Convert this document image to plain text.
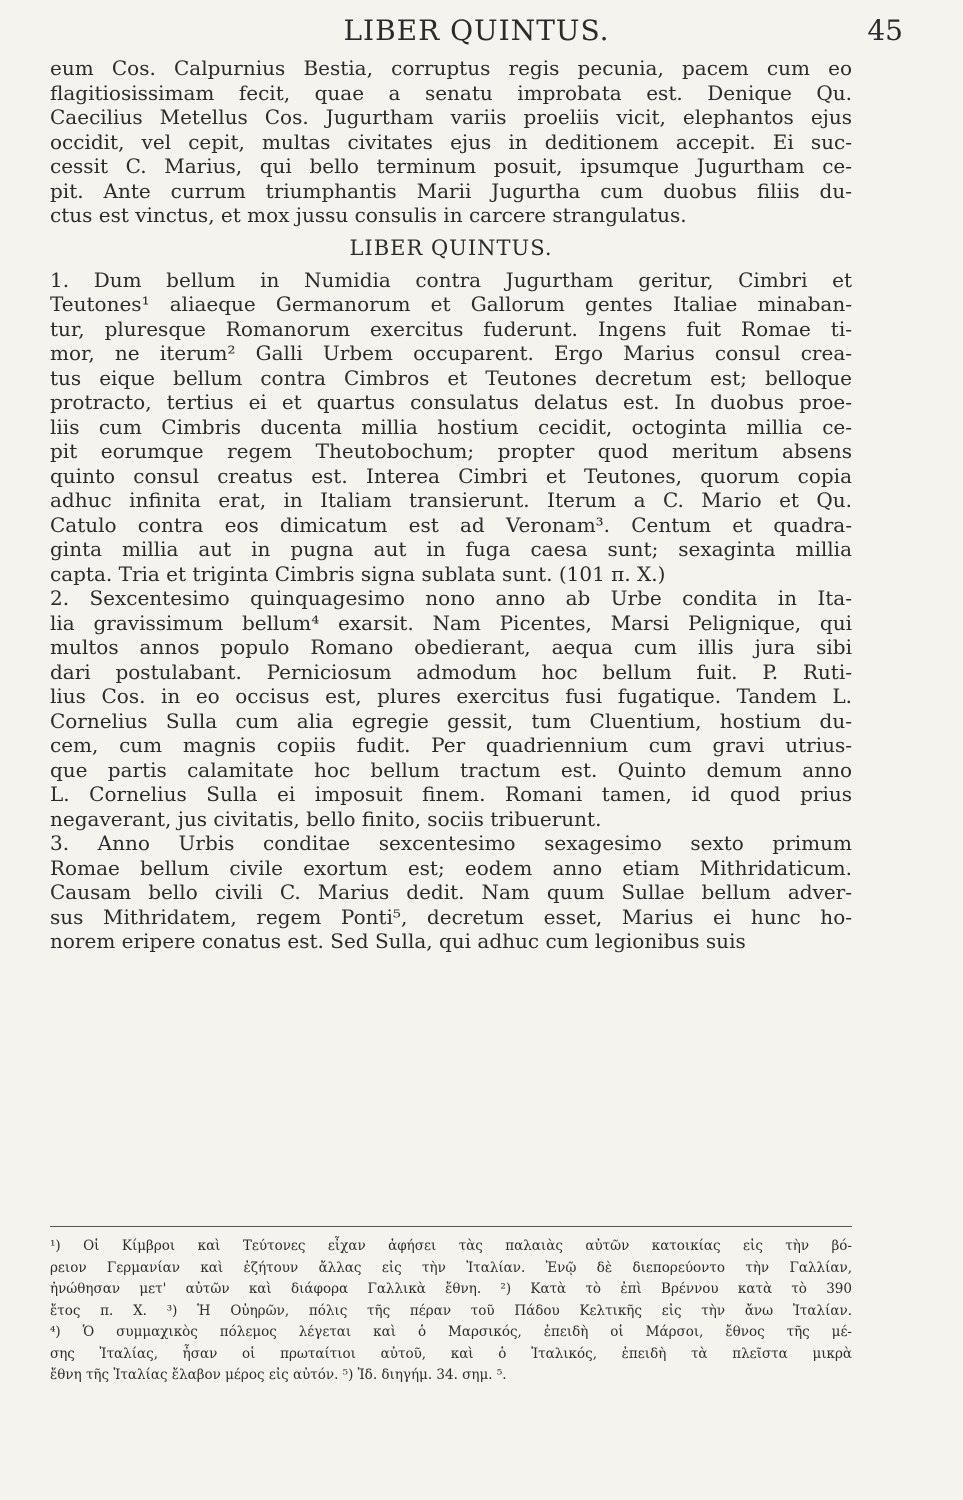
LIBER QUINTUS.	45
eum Cos. Calpurnius Bestia, corruptus regis pecunia, pacem cum eo
flagitiosissimam fecit, quae a senatu improbata est. Denique Qu.
Caecilius Metellus Cos. Jugurtham variis proeliis vicit, elephantos ejus
occidit, vel cepit, multas civitates ejus in deditionem accepit. Ei suc-
cessit C. Marius, qui bello terminum posuit, ipsumque Jugurtham ce-
pit. Ante currum triumphantis Marii Jugurtha cum duobus filiis du-
ctus est vinctus, et mox jussu consulis in carcere strangulatus.
LIBER QUINTUS.
1. Dum bellum in Numidia contra Jugurtham geritur, Cimbri et
Teutones¹ aliaeque Germanorum et Gallorum gentes Italiae minaban-
tur, pluresque Romanorum exercitus fuderunt. Ingens fuit Romae ti-
mor, ne iterum² Galli Urbem occuparent. Ergo Marius consul crea-
tus eique bellum contra Cimbros et Teutones decretum est; belloque
protracto, tertius ei et quartus consulatus delatus est. In duobus proe-
liis cum Cimbris ducenta millia hostium cecidit, octoginta millia ce-
pit eorumque regem Theutobochum; propter quod meritum absens
quinto consul creatus est. Interea Cimbri et Teutones, quorum copia
adhuc infinita erat, in Italiam transierunt. Iterum a C. Mario et Qu.
Catulo contra eos dimicatum est ad Veronam³. Centum et quadra-
ginta millia aut in pugna aut in fuga caesa sunt; sexaginta millia
capta. Tria et triginta Cimbris signa sublata sunt. (101 π. X.)
2. Sexcentesimo quinquagesimo nono anno ab Urbe condita in Ita-
lia gravissimum bellum⁴ exarsit. Nam Picentes, Marsi Pelignique, qui
multos annos populo Romano obedierant, aequa cum illis jura sibi
dari postulabant. Perniciosum admodum hoc bellum fuit. P. Ruti-
lius Cos. in eo occisus est, plures exercitus fusi fugatique. Tandem L.
Cornelius Sulla cum alia egregie gessit, tum Cluentium, hostium du-
cem, cum magnis copiis fudit. Per quadriennium cum gravi utrius-
que partis calamitate hoc bellum tractum est. Quinto demum anno
L. Cornelius Sulla ei imposuit finem. Romani tamen, id quod prius
negaverant, jus civitatis, bello finito, sociis tribuerunt.
3. Anno Urbis conditae sexcentesimo sexagesimo sexto primum
Romae bellum civile exortum est; eodem anno etiam Mithridaticum.
Causam bello civili C. Marius dedit. Nam quum Sullae bellum adver-
sus Mithridatem, regem Ponti⁵, decretum esset, Marius ei hunc ho-
norem eripere conatus est. Sed Sulla, qui adhuc cum legionibus suis
¹) Οἱ Κίμβροι καὶ Τεύτονες εἶχαν ἀφήσει τὰς παλαιὰς αὐτῶν κατοικίας εἰς τὴν βό-
ρειον Γερμανίαν καὶ ἐζήτουν ἄλλας εἰς τὴν Ἰταλίαν. Ἐνῷ δὲ διεπορεύοντο τὴν Γαλλίαν,
ἠνώθησαν μετ' αὐτῶν καὶ διάφορα Γαλλικὰ ἔθνη. ²) Κατὰ τὸ ἐπὶ Βρέννου κατὰ τὸ 390
ἔτος π. Χ. ³) Ἡ Οὐηρῶν, πόλις τῆς πέραν τοῦ Πάδου Κελτικῆς εἰς τὴν ἄνω Ἰταλίαν.
⁴) Ὁ συμμαχικὸς πόλεμος λέγεται καὶ ὁ Μαρσικός, ἐπειδὴ οἱ Μάρσοι, ἔθνος τῆς μέ-
σης Ἰταλίας, ἦσαν οἱ πρωταίτιοι αὐτοῦ, καὶ ὁ Ἰταλικός, ἐπειδὴ τὰ πλεῖστα μικρὰ
ἔθνη τῆς Ἰταλίας ἔλαβον μέρος εἰς αὐτόν. ⁵) Ἰδ. διηγήμ. 34. σημ. ⁵.
